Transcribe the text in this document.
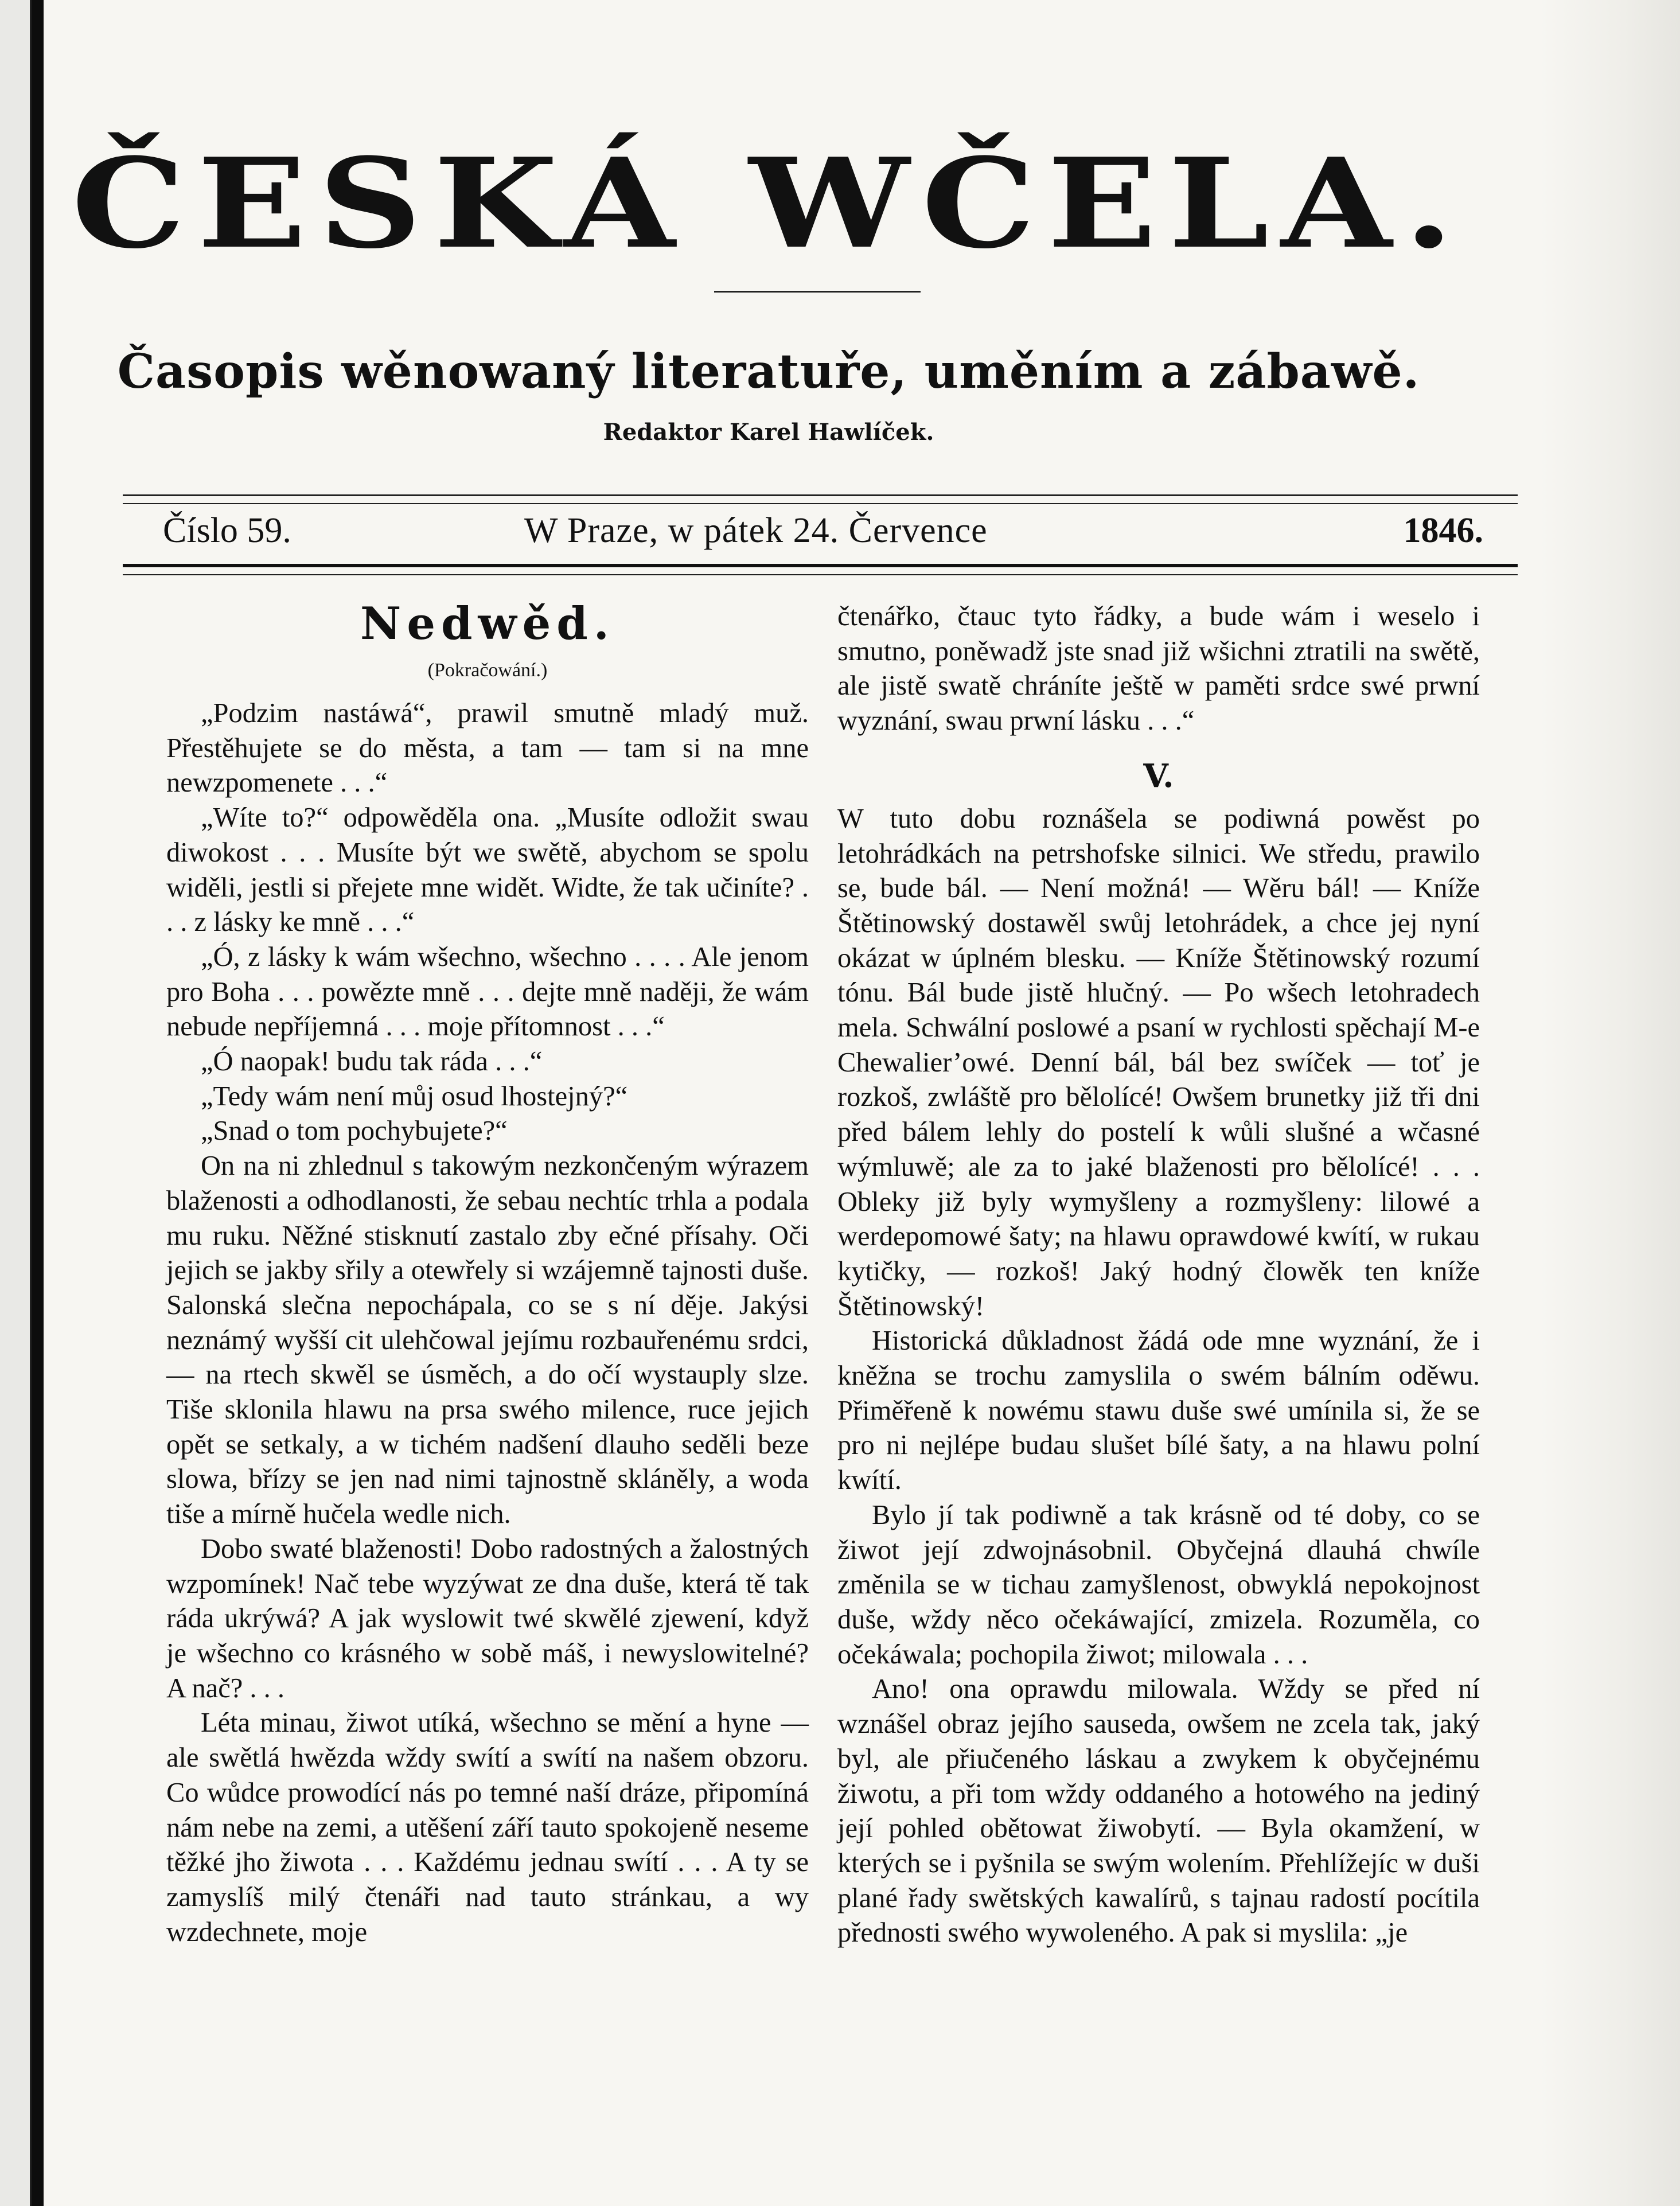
ČESKÁ WČELA.
Časopis wěnowaný literatuře, uměním a zábawě.
Redaktor Karel Hawlíček.
Číslo 59.	W Praze, w pátek 24. Července	1846.

Nedwěd.

(Pokračowání.)

„Podzim nastáwá“, prawil smutně mladý muž. Přestěhujete se do města, a tam — tam si na mne newzpomenete . . .“

„Wíte to?“ odpowěděla ona. „Musíte odložit swau diwokost . . . Musíte být we swětě, abychom se spolu widěli, jestli si přejete mne widět. Widte, že tak učiníte? . . . z lásky ke mně . . .“

„Ó, z lásky k wám wšechno, wšechno . . . . Ale jenom pro Boha . . . powězte mně . . . dejte mně naději, že wám nebude nepříjemná . . . moje přítomnost . . .“

„Ó naopak! budu tak ráda . . .“

„Tedy wám není můj osud lhostejný?“

„Snad o tom pochybujete?“

On na ni zhlednul s takowým nezkončeným wýrazem blaženosti a odhodlanosti, že sebau nechtíc trhla a podala mu ruku. Něžné stisknutí zastalo zby ečné přísahy. Oči jejich se jakby sřily a otewřely si wzájemně tajnosti duše. Salonská slečna nepochápala, co se s ní děje. Jakýsi neznámý wyšší cit ulehčowal jejímu rozbauřenému srdci, — na rtech skwěl se úsměch, a do očí wystauply slze. Tiše sklonila hlawu na prsa swého milence, ruce jejich opět se setkaly, a w tichém nadšení dlauho seděli beze slowa, břízy se jen nad nimi tajnostně skláněly, a woda tiše a mírně hučela wedle nich.

Dobo swaté blaženosti! Dobo radostných a žalostných wzpomínek! Nač tebe wyzýwat ze dna duše, která tě tak ráda ukrýwá? A jak wyslowit twé skwělé zjewení, když je wšechno co krásného w sobě máš, i newyslowitelné? A nač? . . .

Léta minau, žiwot utíká, wšechno se mění a hyne — ale swětlá hwězda wždy swítí a swítí na našem obzoru. Co wůdce prowodící nás po temné naší dráze, připomíná nám nebe na zemi, a utěšení září tauto spokojeně neseme těžké jho žiwota . . . Každému jednau swítí . . . A ty se zamyslíš milý čtenáři nad tauto stránkau, a wy wzdechnete, moje

čtenářko, čtauc tyto řádky, a bude wám i weselo i smutno, poněwadž jste snad již wšichni ztratili na swětě, ale jistě swatě chráníte ještě w paměti srdce swé prwní wyznání, swau prwní lásku . . .“

V.

W tuto dobu roznášela se podiwná powěst po letohrádkách na petrshofske silnici. We středu, prawilo se, bude bál. — Není možná! — Wěru bál! — Kníže Štětinowský dostawěl swůj letohrádek, a chce jej nyní okázat w úplném blesku. — Kníže Štětinowský rozumí tónu. Bál bude jistě hlučný. — Po wšech letohradech mela. Schwální poslowé a psaní w rychlosti spěchají M-e Chewalier’owé. Denní bál, bál bez swíček — toť je rozkoš, zwláště pro bělolícé! Owšem brunetky již tři dni před bálem lehly do postelí k wůli slušné a wčasné wýmluwě; ale za to jaké blaženosti pro bělolícé! . . . Obleky již byly wymyšleny a rozmyšleny: lilowé a werdepomowé šaty; na hlawu oprawdowé kwítí, w rukau kytičky, — rozkoš! Jaký hodný člowěk ten kníže Štětinowský!

Historická důkladnost žádá ode mne wyznání, že i kněžna se trochu zamyslila o swém bálním oděwu. Přiměřeně k nowému stawu duše swé umínila si, že se pro ni nejlépe budau slušet bílé šaty, a na hlawu polní kwítí.

Bylo jí tak podiwně a tak krásně od té doby, co se žiwot její zdwojnásobnil. Obyčejná dlauhá chwíle změnila se w tichau zamyšlenost, obwyklá nepokojnost duše, wždy něco očekáwající, zmizela. Rozuměla, co očekáwala; pochopila žiwot; milowala . . .

Ano! ona oprawdu milowala. Wždy se před ní wznášel obraz jejího sauseda, owšem ne zcela tak, jaký byl, ale přiučeného láskau a zwykem k obyčejnému žiwotu, a při tom wždy oddaného a hotowého na jediný její pohled obětowat žiwobytí. — Byla okamžení, w kterých se i pyšnila se swým wolením. Přehlížejíc w duši plané řady swětských kawalírů, s tajnau radostí pocítila přednosti swého wywoleného. A pak si myslila: „je
